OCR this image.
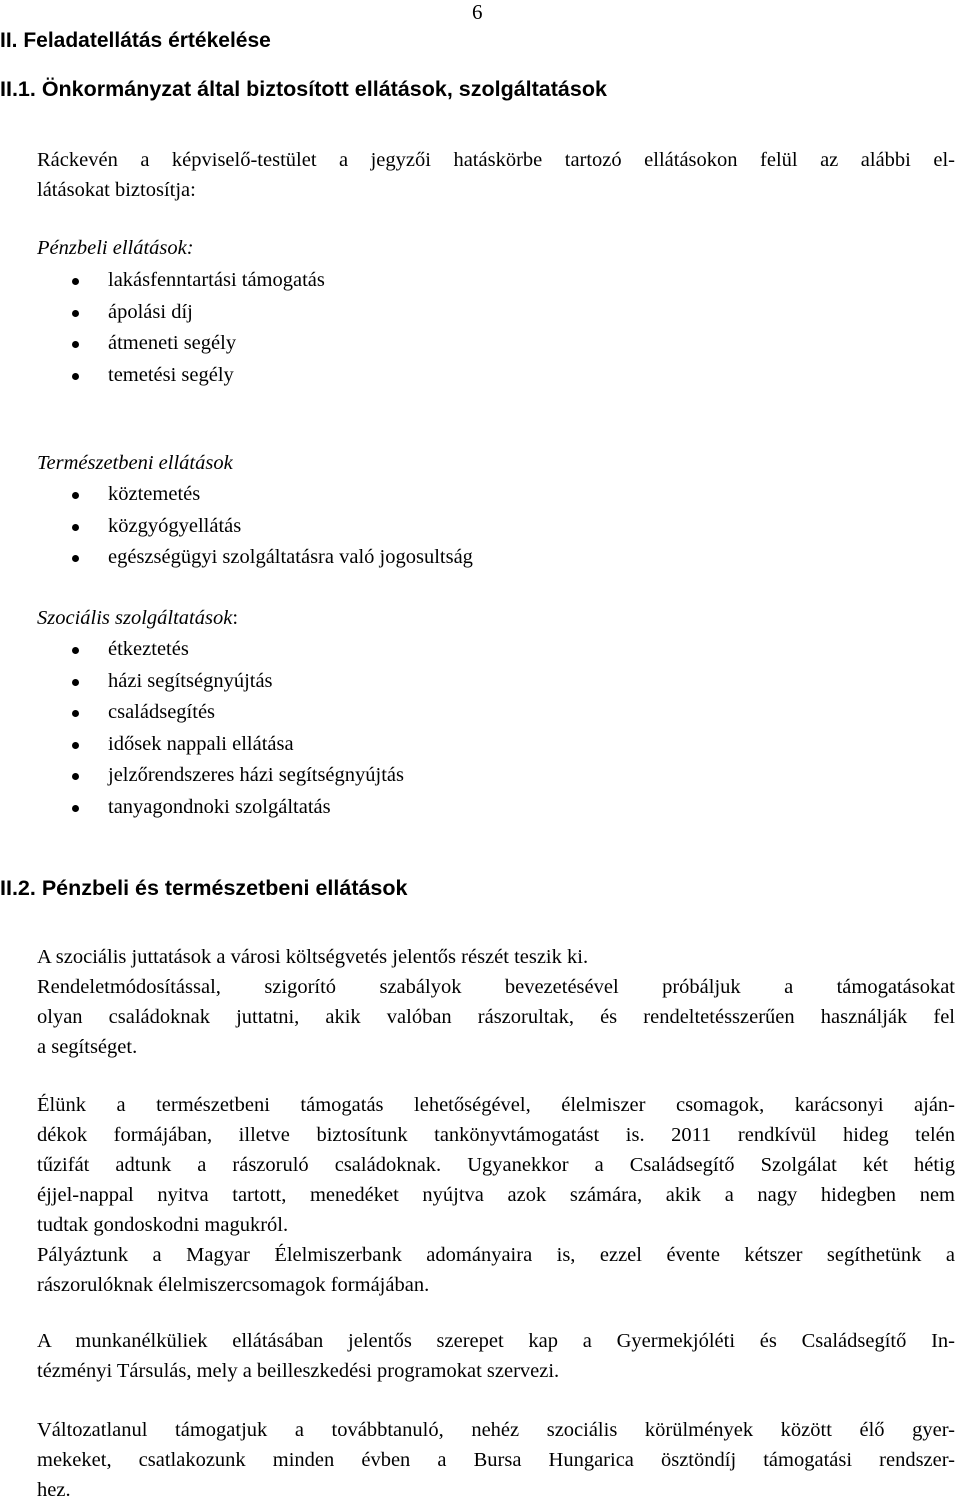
6
II. Feladatellátás értékelése
II.1. Önkormányzat által biztosított ellátások, szolgáltatások
Ráckevén a képviselő-testület a jegyzői hatáskörbe tartozó ellátásokon felül az alábbi el-
látásokat biztosítja:
Pénzbeli ellátások:
lakásfenntartási támogatás
ápolási díj
átmeneti segély
temetési segély
Természetbeni ellátások
köztemetés
közgyógyellátás
egészségügyi szolgáltatásra való jogosultság
Szociális szolgáltatások:
étkeztetés
házi segítségnyújtás
családsegítés
idősek nappali ellátása
jelzőrendszeres házi segítségnyújtás
tanyagondnoki szolgáltatás
II.2. Pénzbeli és természetbeni ellátások
A szociális juttatások a városi költségvetés jelentős részét teszik ki.
Rendeletmódosítással, szigorító szabályok bevezetésével próbáljuk a támogatásokat
olyan családoknak juttatni, akik valóban rászorultak, és rendeltetésszerűen használják fel
a segítséget.
Élünk a természetbeni támogatás lehetőségével, élelmiszer csomagok, karácsonyi aján-
dékok formájában, illetve biztosítunk tankönyvtámogatást is. 2011 rendkívül hideg telén
tűzifát adtunk a rászoruló családoknak. Ugyanekkor a Családsegítő Szolgálat két hétig
éjjel-nappal nyitva tartott, menedéket nyújtva azok számára, akik a nagy hidegben nem
tudtak gondoskodni magukról.
Pályáztunk a Magyar Élelmiszerbank adományaira is, ezzel évente kétszer segíthetünk a
rászorulóknak élelmiszercsomagok formájában.
A munkanélküliek ellátásában jelentős szerepet kap a Gyermekjóléti és Családsegítő In-
tézményi Társulás, mely a beilleszkedési programokat szervezi.
Változatlanul támogatjuk a továbbtanuló, nehéz szociális körülmények között élő gyer-
mekeket, csatlakozunk minden évben a Bursa Hungarica ösztöndíj támogatási rendszer-
hez.
